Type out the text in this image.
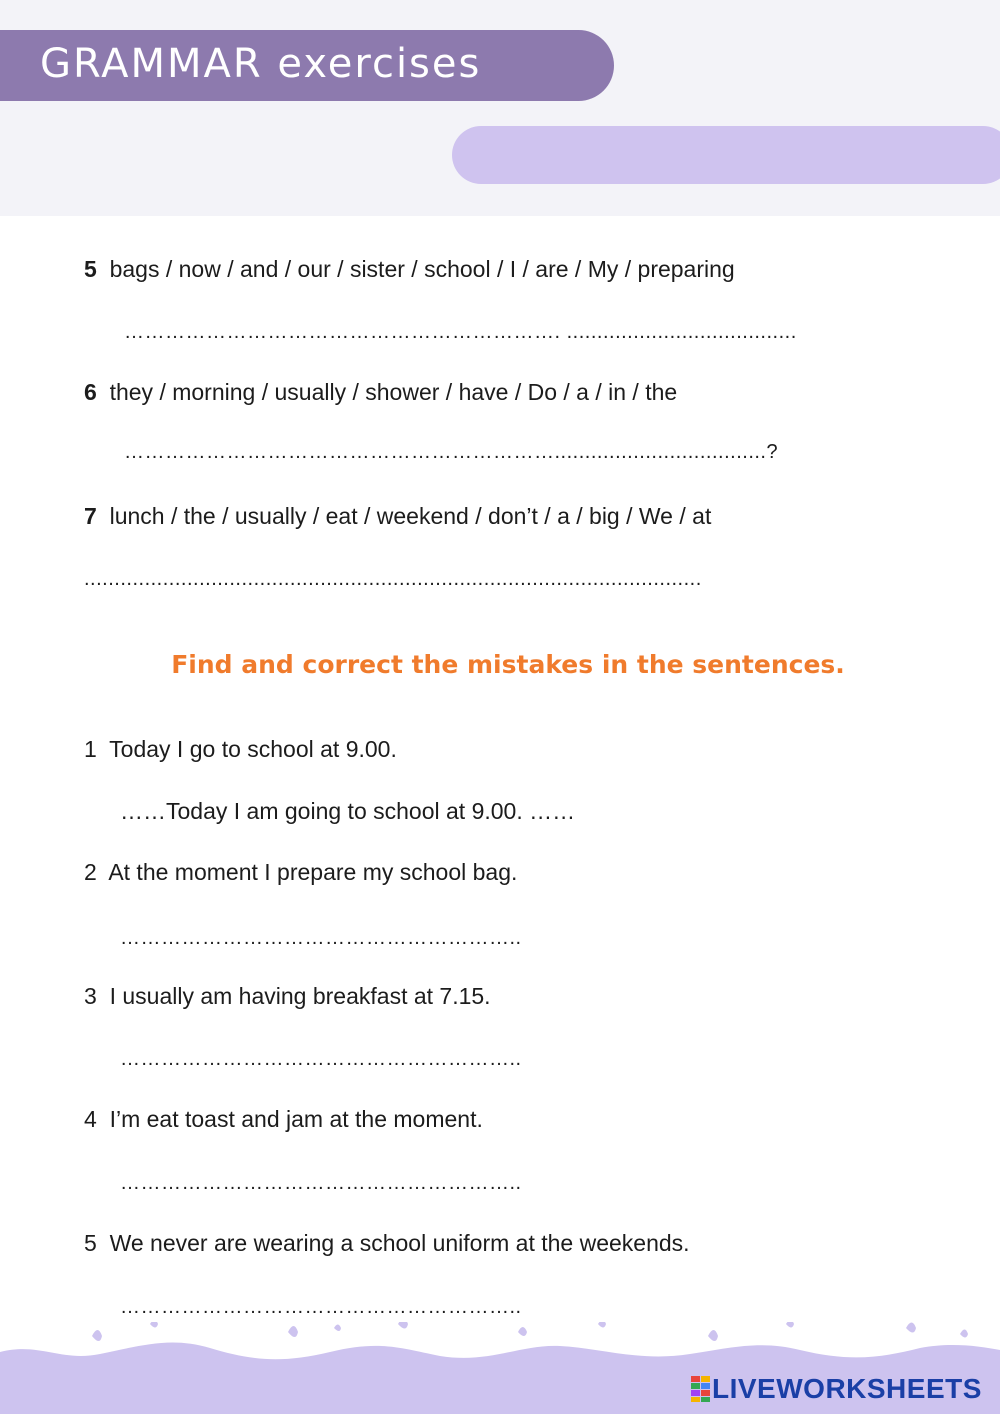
GRAMMAR exercises
5 bags / now / and / our / sister / school / I / are / My / preparing
………………………………………………………. ......................................
6 they / morning / usually / shower / have / Do / a / in / the
………………………………………………………...................................?
7 lunch / the / usually / eat / weekend / don’t / a / big / We / at
......................................................................................................
Find and correct the mistakes in the sentences.
1 Today I go to school at 9.00.
……Today I am going to school at 9.00. ……
2 At the moment I prepare my school bag.
…………………………………………………..
3 I usually am having breakfast at 7.15.
…………………………………………………..
4 I’m eat toast and jam at the moment.
…………………………………………………..
5 We never are wearing a school uniform at the weekends.
…………………………………………………..
LIVEWORKSHEETS
